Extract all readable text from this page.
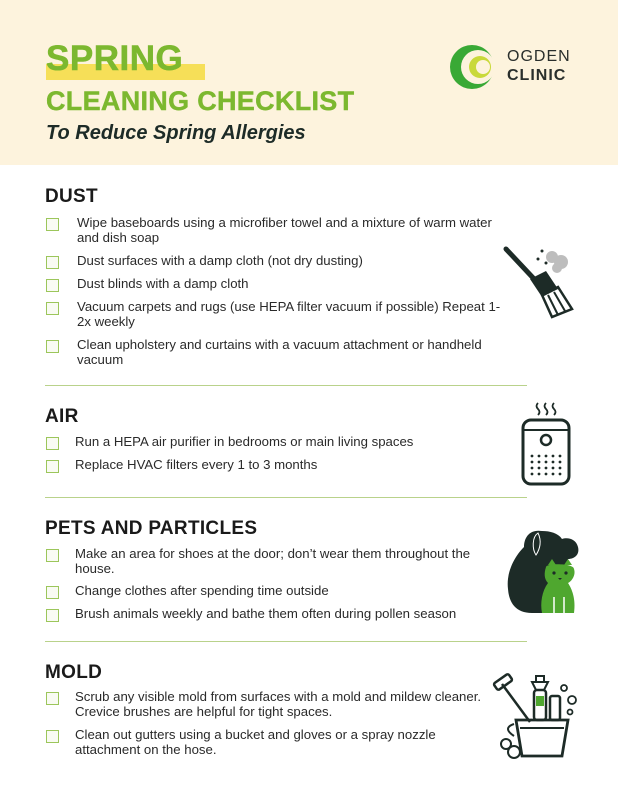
SPRING
CLEANING CHECKLIST
To Reduce Spring Allergies
OGDEN
CLINIC
DUST
Wipe baseboards using a microfiber towel and a mixture of warm water and dish soap
Dust surfaces with a damp cloth (not dry dusting)
Dust blinds with a damp cloth
Vacuum carpets and rugs (use HEPA filter vacuum if possible) Repeat 1-2x weekly
Clean upholstery and curtains with a vacuum attachment or handheld vacuum
AIR
Run a HEPA air purifier in bedrooms or main living spaces
Replace HVAC filters every 1 to 3 months
PETS AND PARTICLES
Make an area for shoes at the door; don’t wear them throughout the house.
Change clothes after spending time outside
Brush animals weekly and bathe them often during pollen season
MOLD
Scrub any visible mold from surfaces with a mold and mildew cleaner. Crevice brushes are helpful for tight spaces.
Clean out gutters using a bucket and gloves or a spray nozzle attachment on the hose.
